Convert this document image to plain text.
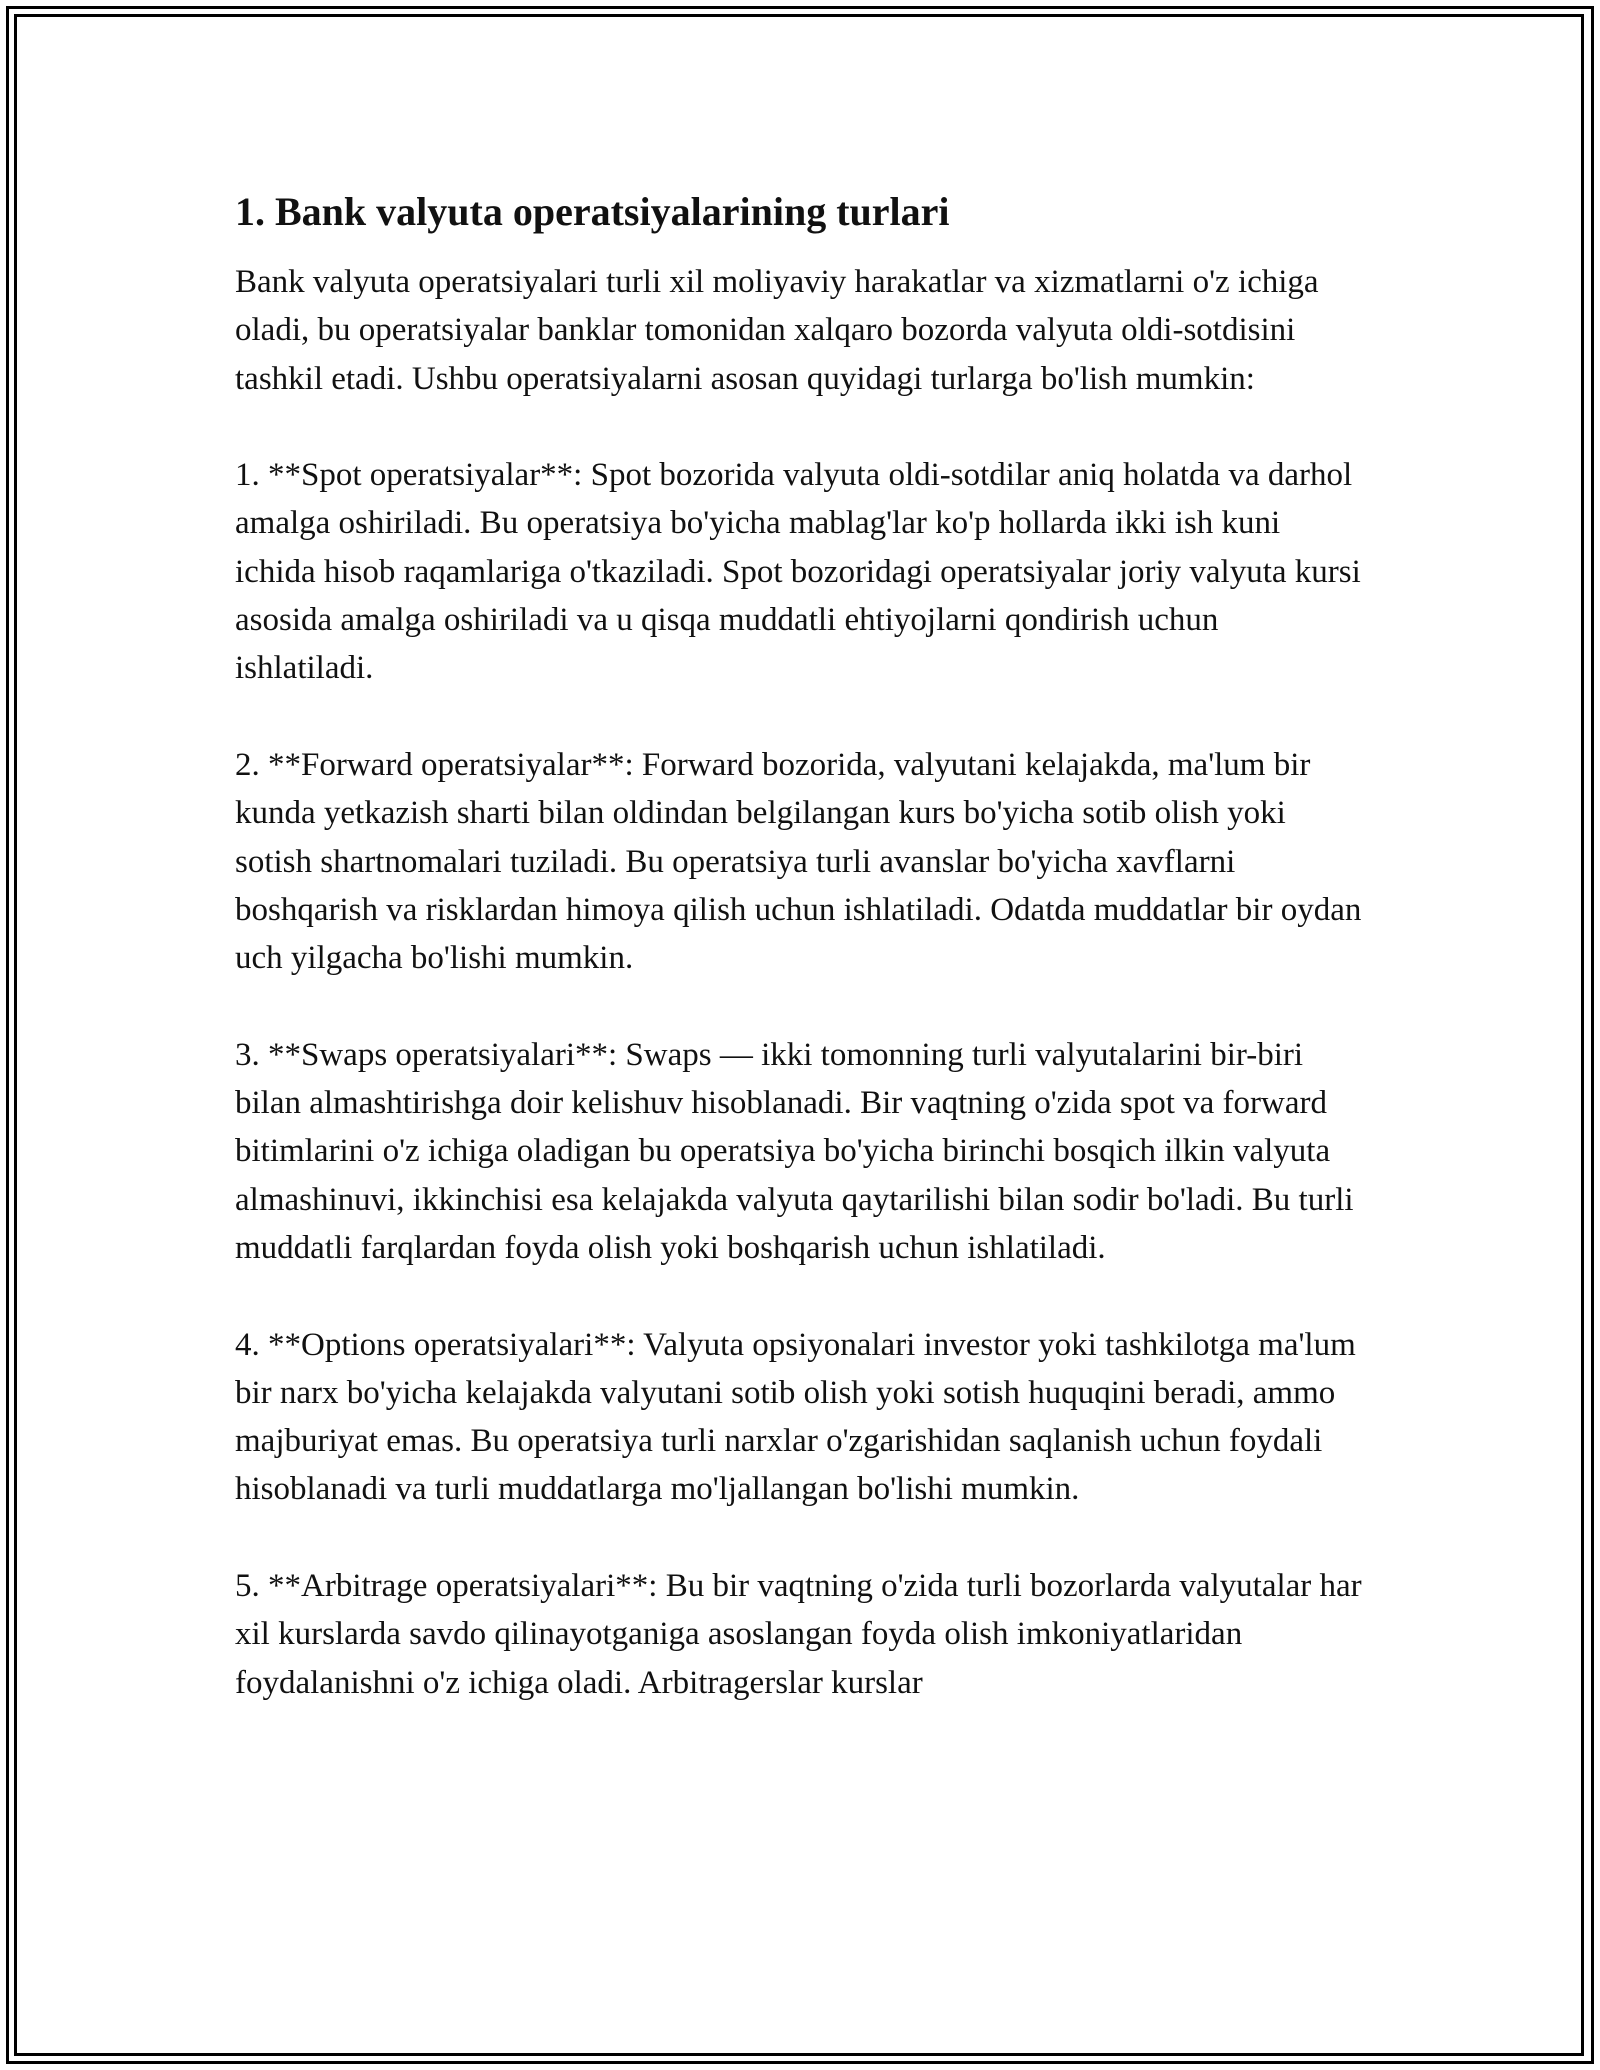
1. Bank valyuta operatsiyalarining turlari

Bank valyuta operatsiyalari turli xil moliyaviy harakatlar va xizmatlarni o'z ichiga oladi, bu operatsiyalar banklar tomonidan xalqaro bozorda valyuta oldi-sotdisini tashkil etadi. Ushbu operatsiyalarni asosan quyidagi turlarga bo'lish mumkin:

1. **Spot operatsiyalar**: Spot bozorida valyuta oldi-sotdilar aniq holatda va darhol amalga oshiriladi. Bu operatsiya bo'yicha mablag'lar ko'p hollarda ikki ish kuni ichida hisob raqamlariga o'tkaziladi. Spot bozoridagi operatsiyalar joriy valyuta kursi asosida amalga oshiriladi va u qisqa muddatli ehtiyojlarni qondirish uchun ishlatiladi.

2. **Forward operatsiyalar**: Forward bozorida, valyutani kelajakda, ma'lum bir kunda yetkazish sharti bilan oldindan belgilangan kurs bo'yicha sotib olish yoki sotish shartnomalari tuziladi. Bu operatsiya turli avanslar bo'yicha xavflarni boshqarish va risklardan himoya qilish uchun ishlatiladi. Odatda muddatlar bir oydan uch yilgacha bo'lishi mumkin.

3. **Swaps operatsiyalari**: Swaps — ikki tomonning turli valyutalarini bir-biri bilan almashtirishga doir kelishuv hisoblanadi. Bir vaqtning o'zida spot va forward bitimlarini o'z ichiga oladigan bu operatsiya bo'yicha birinchi bosqich ilkin valyuta almashinuvi, ikkinchisi esa kelajakda valyuta qaytarilishi bilan sodir bo'ladi. Bu turli muddatli farqlardan foyda olish yoki boshqarish uchun ishlatiladi.

4. **Options operatsiyalari**: Valyuta opsiyonalari investor yoki tashkilotga ma'lum bir narx bo'yicha kelajakda valyutani sotib olish yoki sotish huquqini beradi, ammo majburiyat emas. Bu operatsiya turli narxlar o'zgarishidan saqlanish uchun foydali hisoblanadi va turli muddatlarga mo'ljallangan bo'lishi mumkin.

5. **Arbitrage operatsiyalari**: Bu bir vaqtning o'zida turli bozorlarda valyutalar har xil kurslarda savdo qilinayotganiga asoslangan foyda olish imkoniyatlaridan foydalanishni o'z ichiga oladi. Arbitragerslar kurslar
